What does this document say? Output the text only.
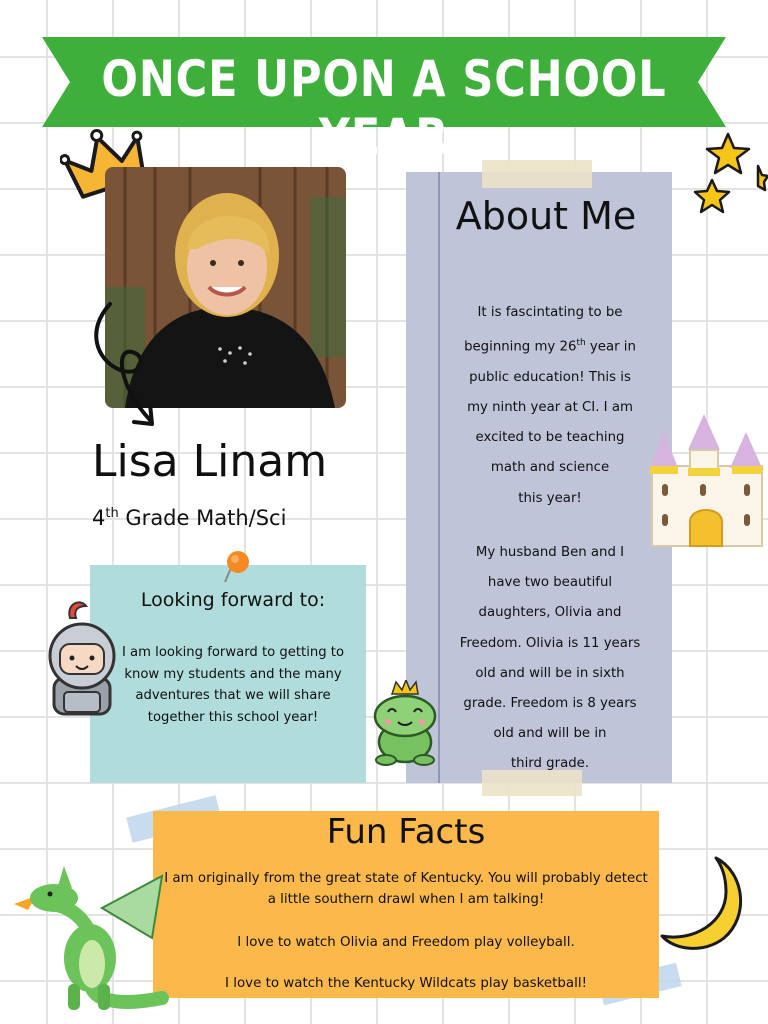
ONCE UPON A SCHOOL YEAR
Lisa Linam
4th Grade Math/Sci
Looking forward to:
I am looking forward to getting to know my students and the many adventures that we will share together this school year!
About Me
It is fascintating to be
beginning my 26th year in
public education! This is
my ninth year at CI. I am
excited to be teaching
math and science
this year!
My husband Ben and I
have two beautiful
daughters, Olivia and
Freedom. Olivia is 11 years
old and will be in sixth
grade. Freedom is 8 years
old and will be in
third grade.
Fun Facts
I am originally from the great state of Kentucky. You will probably detect a little southern drawl when I am talking!
I love to watch Olivia and Freedom play volleyball.
I love to watch the Kentucky Wildcats play basketball!
